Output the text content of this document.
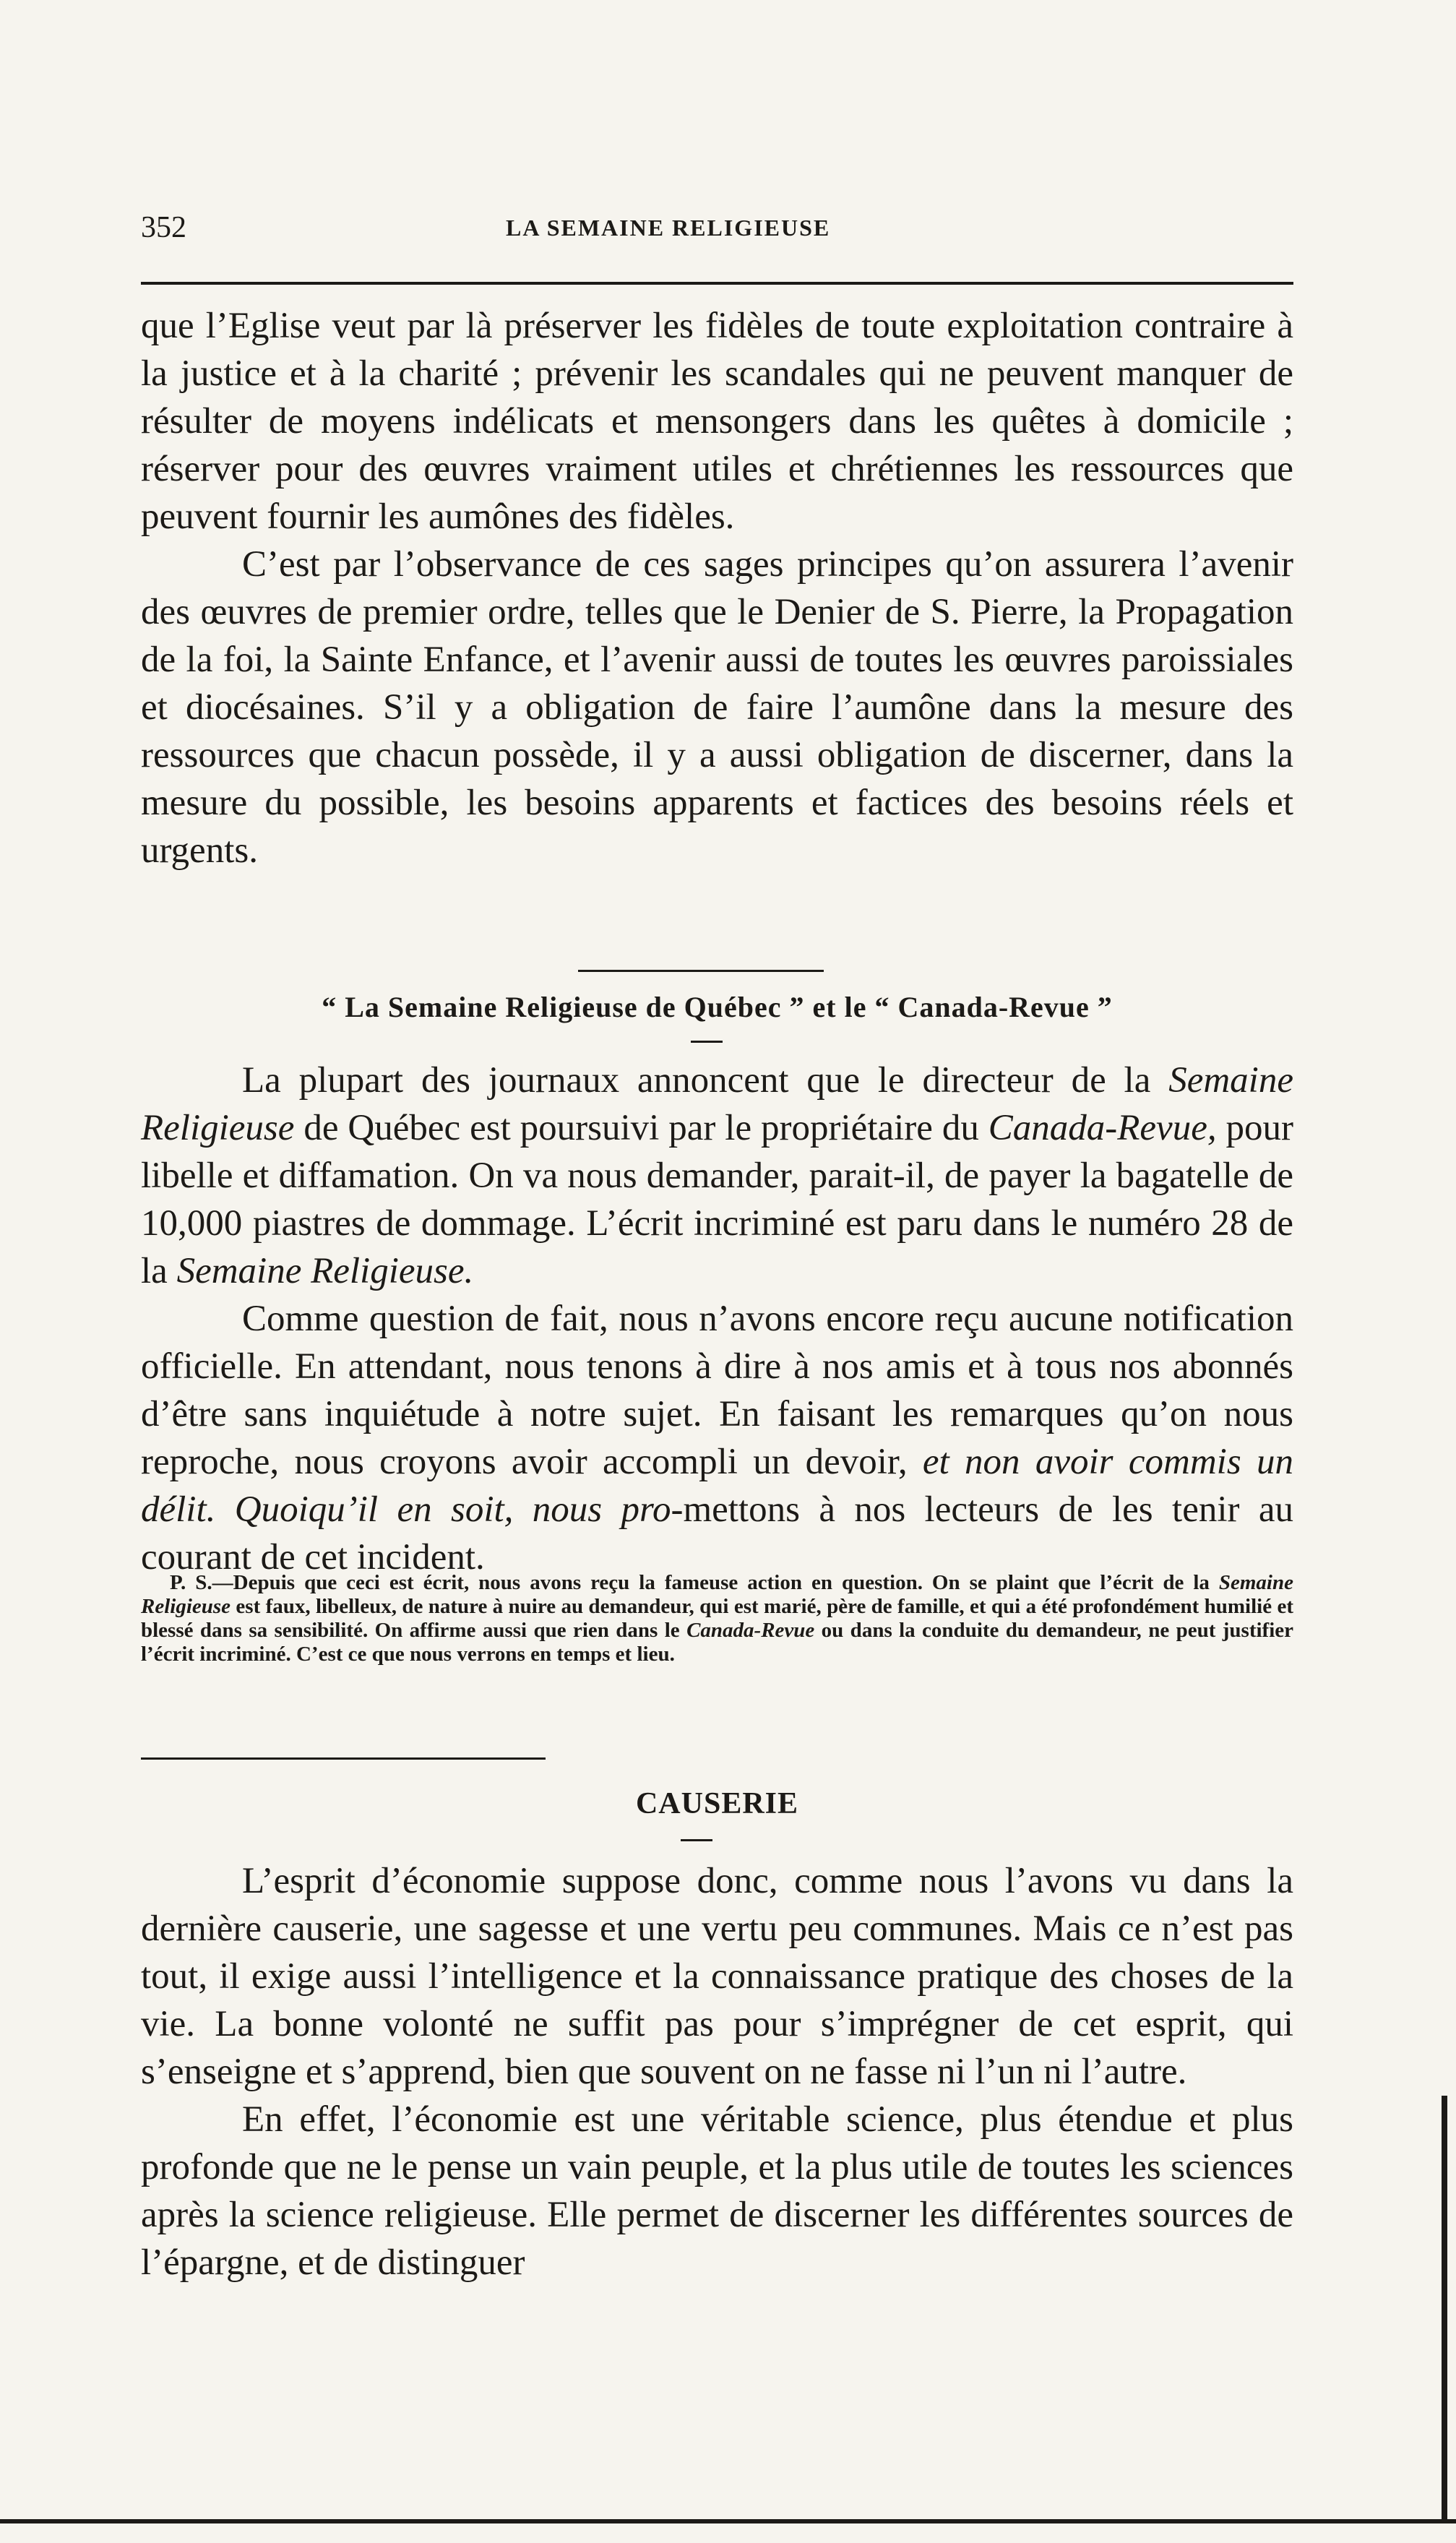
352	LA SEMAINE RELIGIEUSE

que l’Eglise veut par là préserver les fidèles de toute exploitation contraire à la justice et à la charité ; prévenir les scandales qui ne peuvent manquer de résulter de moyens indélicats et mensongers dans les quêtes à domicile ; réserver pour des œuvres vraiment utiles et chrétiennes les ressources que peuvent fournir les aumônes des fidèles.

C’est par l’observance de ces sages principes qu’on assurera l’avenir des œuvres de premier ordre, telles que le Denier de S. Pierre, la Propagation de la foi, la Sainte Enfance, et l’avenir aussi de toutes les œuvres paroissiales et diocésaines. S’il y a obligation de faire l’aumône dans la mesure des ressources que chacun possède, il y a aussi obligation de discerner, dans la mesure du possible, les besoins apparents et factices des besoins réels et urgents.

“ La Semaine Religieuse de Québec ” et le “ Canada-Revue ”

La plupart des journaux annoncent que le directeur de la Semaine Religieuse de Québec est poursuivi par le propriétaire du Canada-Revue, pour libelle et diffamation. On va nous demander, parait-il, de payer la bagatelle de 10,000 piastres de dommage. L’écrit incriminé est paru dans le numéro 28 de la Semaine Religieuse.

Comme question de fait, nous n’avons encore reçu aucune notification officielle. En attendant, nous tenons à dire à nos amis et à tous nos abonnés d’être sans inquiétude à notre sujet. En faisant les remarques qu’on nous reproche, nous croyons avoir accompli un devoir, et non avoir commis un délit. Quoiqu’il en soit, nous pro-mettons à nos lecteurs de les tenir au courant de cet incident.

P. S.—Depuis que ceci est écrit, nous avons reçu la fameuse action en question. On se plaint que l’écrit de la Semaine Religieuse est faux, libelleux, de nature à nuire au demandeur, qui est marié, père de famille, et qui a été profondément humilié et blessé dans sa sensibilité. On affirme aussi que rien dans le Canada-Revue ou dans la conduite du demandeur, ne peut justifier l’écrit incriminé. C’est ce que nous verrons en temps et lieu.
CAUSERIE

L’esprit d’économie suppose donc, comme nous l’avons vu dans la dernière causerie, une sagesse et une vertu peu communes. Mais ce n’est pas tout, il exige aussi l’intelligence et la connaissance pratique des choses de la vie. La bonne volonté ne suffit pas pour s’imprégner de cet esprit, qui s’enseigne et s’apprend, bien que souvent on ne fasse ni l’un ni l’autre.

En effet, l’économie est une véritable science, plus étendue et plus profonde que ne le pense un vain peuple, et la plus utile de toutes les sciences après la science religieuse. Elle permet de discerner les différentes sources de l’épargne, et de distinguer
